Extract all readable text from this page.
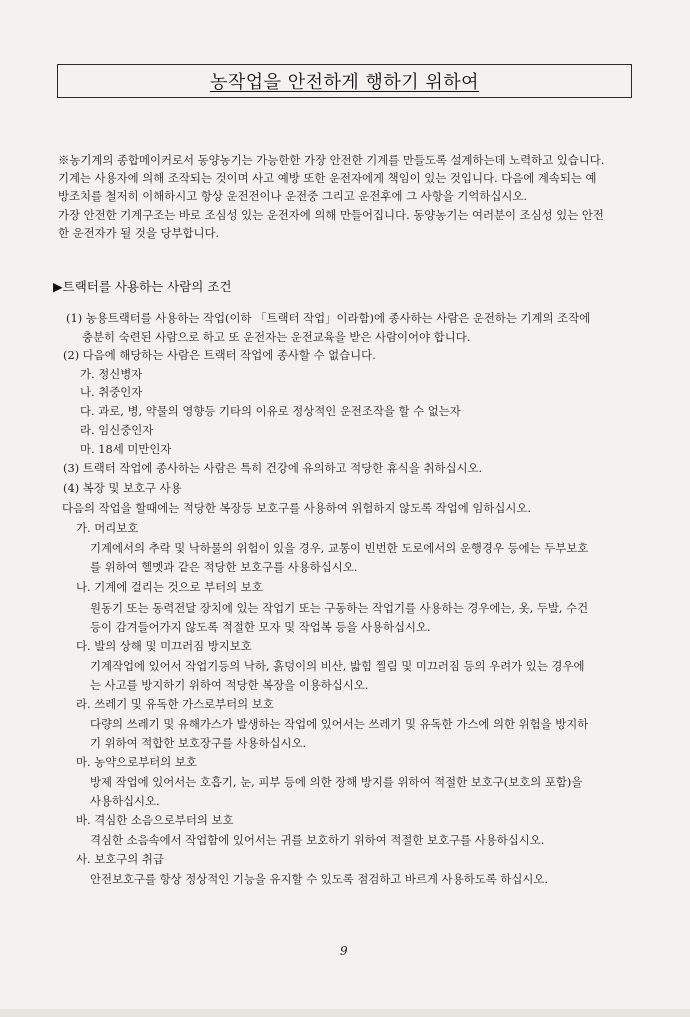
농작업을 안전하게 행하기 위하여
※농기계의 종합메이커로서 동양농기는 가능한한 가장 안전한 기계를 만들도록 설계하는데 노력하고 있습니다.
기계는 사용자에 의해 조작되는 것이며 사고 예방 또한 운전자에게 책임이 있는 것입니다. 다음에 계속되는 예
방조치를 철저히 이해하시고 항상 운전전이나 운전중 그리고 운전후에 그 사항을 기억하십시오.
가장 안전한 기계구조는 바로 조심성 있는 운전자에 의해 만들어집니다. 동양농기는 여러분이 조심성 있는 안전
한 운전자가 될 것을 당부합니다.
▶트랙터를 사용하는 사람의 조건
(1) 농용트랙터를 사용하는 작업(이하 「트랙터 작업」이라함)에 종사하는 사람은 운전하는 기계의 조작에
충분히 숙련된 사람으로 하고 또 운전자는 운전교육을 받은 사람이어야 합니다.
(2) 다음에 해당하는 사람은 트랙터 작업에 종사할 수 없습니다.
가. 정신병자
나. 취중인자
다. 과로, 병, 약물의 영향등 기타의 이유로 정상적인 운전조작을 할 수 없는자
라. 임신중인자
마. 18세 미만인자
(3) 트랙터 작업에 종사하는 사람은 특히 건강에 유의하고 적당한 휴식을 취하십시오.
(4) 복장 및 보호구 사용
다음의 작업을 할때에는 적당한 복장등 보호구를 사용하여 위험하지 않도록 작업에 임하십시오.
가. 머리보호
기계에서의 추락 및 낙하물의 위험이 있을 경우, 교통이 빈번한 도로에서의 운행경우 등에는 두부보호
를 위하여 헬멧과 같은 적당한 보호구를 사용하십시오.
나. 기계에 걸리는 것으로 부터의 보호
원동기 또는 동력전달 장치에 있는 작업기 또는 구동하는 작업기를 사용하는 경우에는, 옷, 두발, 수건
등이 감겨들어가지 않도록 적절한 모자 및 작업복 등을 사용하십시오.
다. 발의 상해 및 미끄러짐 방지보호
기계작업에 있어서 작업기등의 낙하, 흙덩이의 비산, 밟힘 찔림 및 미끄러짐 등의 우려가 있는 경우에
는 사고를 방지하기 위하여 적당한 복장을 이용하십시오.
라. 쓰레기 및 유독한 가스로부터의 보호
다량의 쓰레기 및 유해가스가 발생하는 작업에 있어서는 쓰레기 및 유독한 가스에 의한 위험을 방지하
기 위하여 적합한 보호장구를 사용하십시오.
마. 농약으로부터의 보호
방제 작업에 있어서는 호흡기, 눈, 피부 등에 의한 장해 방지를 위하여 적절한 보호구(보호의 포함)을
사용하십시오.
바. 격심한 소음으로부터의 보호
격심한 소음속에서 작업함에 있어서는 귀를 보호하기 위하여 적절한 보호구를 사용하십시오.
사. 보호구의 취급
안전보호구를 항상 정상적인 기능을 유지할 수 있도록 점검하고 바르게 사용하도록 하십시오.
9
